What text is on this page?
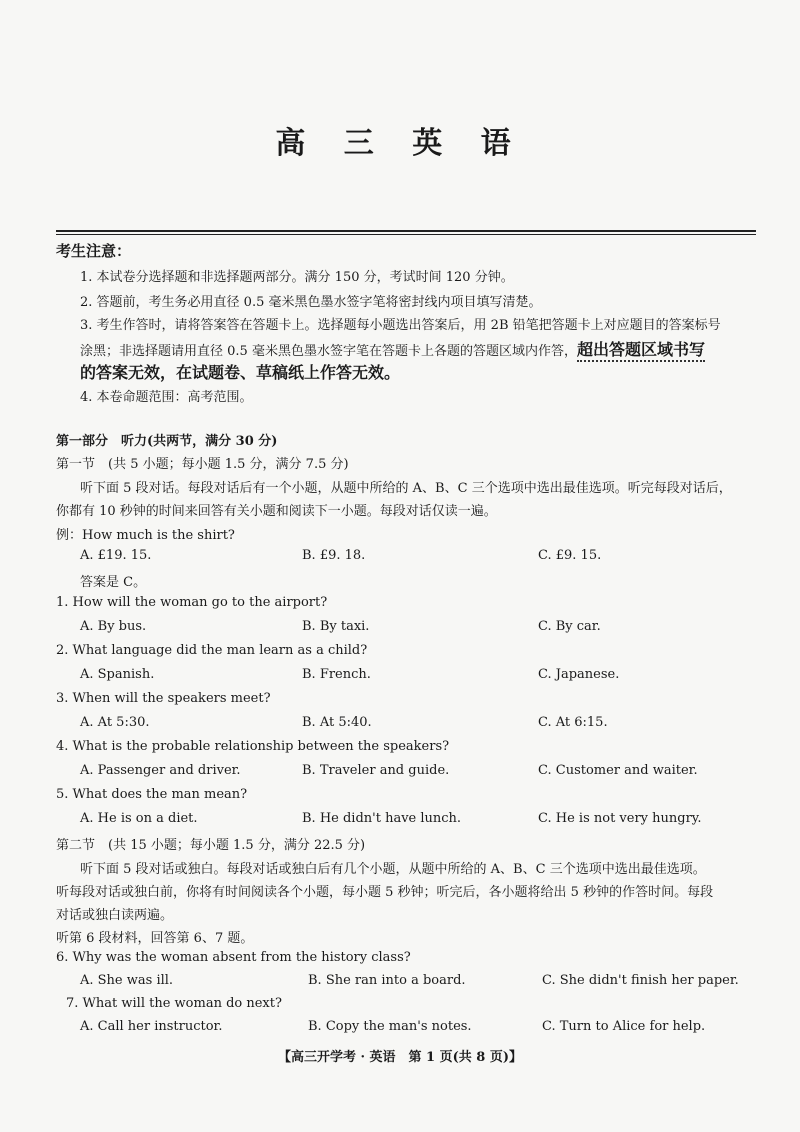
高 三 英 语
考生注意：
1. 本试卷分选择题和非选择题两部分。满分 150 分，考试时间 120 分钟。
2. 答题前，考生务必用直径 0.5 毫米黑色墨水签字笔将密封线内项目填写清楚。
3. 考生作答时，请将答案答在答题卡上。选择题每小题选出答案后，用 2B 铅笔把答题卡上对应题目的答案标号
涂黑；非选择题请用直径 0.5 毫米黑色墨水签字笔在答题卡上各题的答题区域内作答，超出答题区域书写
的答案无效，在试题卷、草稿纸上作答无效。
4. 本卷命题范围：高考范围。
第一部分　听力(共两节，满分 30 分)
第一节　(共 5 小题；每小题 1.5 分，满分 7.5 分)
听下面 5 段对话。每段对话后有一个小题，从题中所给的 A、B、C 三个选项中选出最佳选项。听完每段对话后，
你都有 10 秒钟的时间来回答有关小题和阅读下一小题。每段对话仅读一遍。
例：How much is the shirt?
A. £19. 15.	B. £9. 18.	C. £9. 15.
答案是 C。
1. How will the woman go to the airport?
A. By bus.	B. By taxi.	C. By car.
2. What language did the man learn as a child?
A. Spanish.	B. French.	C. Japanese.
3. When will the speakers meet?
A. At 5:30.	B. At 5:40.	C. At 6:15.
4. What is the probable relationship between the speakers?
A. Passenger and driver.	B. Traveler and guide.	C. Customer and waiter.
5. What does the man mean?
A. He is on a diet.	B. He didn't have lunch.	C. He is not very hungry.
第二节　(共 15 小题；每小题 1.5 分，满分 22.5 分)
听下面 5 段对话或独白。每段对话或独白后有几个小题，从题中所给的 A、B、C 三个选项中选出最佳选项。
听每段对话或独白前，你将有时间阅读各个小题，每小题 5 秒钟；听完后，各小题将给出 5 秒钟的作答时间。每段
对话或独白读两遍。
听第 6 段材料，回答第 6、7 题。
6. Why was the woman absent from the history class?
A. She was ill.	B. She ran into a board.	C. She didn't finish her paper.
7. What will the woman do next?
A. Call her instructor.	B. Copy the man's notes.	C. Turn to Alice for help.
【高三开学考 · 英语　第 1 页(共 8 页)】
